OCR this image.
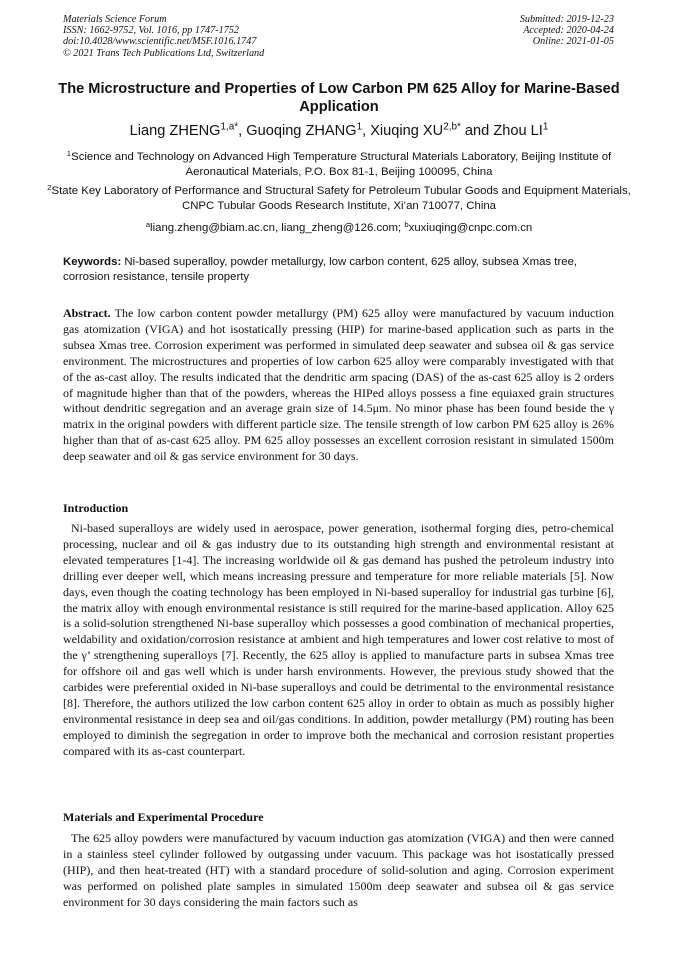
Materials Science Forum
ISSN: 1662-9752, Vol. 1016, pp 1747-1752
doi:10.4028/www.scientific.net/MSF.1016.1747
© 2021 Trans Tech Publications Ltd, Switzerland
Submitted: 2019-12-23
Accepted: 2020-04-24
Online: 2021-01-05
The Microstructure and Properties of Low Carbon PM 625 Alloy for Marine-Based Application
Liang $ZHENG^{1,a*}$, Guoqing ZHANG$^1$, Xiuqing $XU^{2,b*}$ and Zhou $LI^1$
$^1$Science and Technology on Advanced High Temperature Structural Materials Laboratory, Beijing Institute of Aeronautical Materials, P.O. Box 81-1, Beijing 100095, China
$^2$State Key Laboratory of Performance and Structural Safety for Petroleum Tubular Goods and Equipment Materials, CNPC Tubular Goods Research Institute, Xi’an 710077, China
$^a$liang.zheng@biam.ac.cn, liang_zheng@126.com; $^b$xuxiuqing@cnpc.com.cn
Keywords: Ni-based superalloy, powder metallurgy, low carbon content, 625 alloy, subsea Xmas tree, corrosion resistance, tensile property
Abstract. The low carbon content powder metallurgy (PM) 625 alloy were manufactured by vacuum induction gas atomization (VIGA) and hot isostatically pressing (HIP) for marine-based application such as parts in the subsea Xmas tree. Corrosion experiment was performed in simulated deep seawater and subsea oil & gas service environment. The microstructures and properties of low carbon 625 alloy were comparably investigated with that of the as-cast alloy. The results indicated that the dendritic arm spacing (DAS) of the as-cast 625 alloy is 2 orders of magnitude higher than that of the powders, whereas the HIPed alloys possess a fine equiaxed grain structures without dendritic segregation and an average grain size of 14.5μm. No minor phase has been found beside the γ matrix in the original powders with different particle size. The tensile strength of low carbon PM 625 alloy is 26% higher than that of as-cast 625 alloy. PM 625 alloy possesses an excellent corrosion resistant in simulated 1500m deep seawater and oil & gas service environment for 30 days.
Introduction
Ni-based superalloys are widely used in aerospace, power generation, isothermal forging dies, petro-chemical processing, nuclear and oil & gas industry due to its outstanding high strength and environmental resistant at elevated temperatures [1-4]. The increasing worldwide oil & gas demand has pushed the petroleum industry into drilling ever deeper well, which means increasing pressure and temperature for more reliable materials [5]. Now days, even though the coating technology has been employed in Ni-based superalloy for industrial gas turbine [6], the matrix alloy with enough environmental resistance is still required for the marine-based application. Alloy 625 is a solid-solution strengthened Ni-base superalloy which possesses a good combination of mechanical properties, weldability and oxidation/corrosion resistance at ambient and high temperatures and lower cost relative to most of the γ’ strengthening superalloys [7]. Recently, the 625 alloy is applied to manufacture parts in subsea Xmas tree for offshore oil and gas well which is under harsh environments. However, the previous study showed that the carbides were preferential oxided in Ni-base superalloys and could be detrimental to the environmental resistance [8]. Therefore, the authors utilized the low carbon content 625 alloy in order to obtain as much as possibly higher environmental resistance in deep sea and oil/gas conditions. In addition, powder metallurgy (PM) routing has been employed to diminish the segregation in order to improve both the mechanical and corrosion resistant properties compared with its as-cast counterpart.
Materials and Experimental Procedure
The 625 alloy powders were manufactured by vacuum induction gas atomization (VIGA) and then were canned in a stainless steel cylinder followed by outgassing under vacuum. This package was hot isostatically pressed (HIP), and then heat-treated (HT) with a standard procedure of solid-solution and aging. Corrosion experiment was performed on polished plate samples in simulated 1500m deep seawater and subsea oil & gas service environment for 30 days considering the main factors such as
